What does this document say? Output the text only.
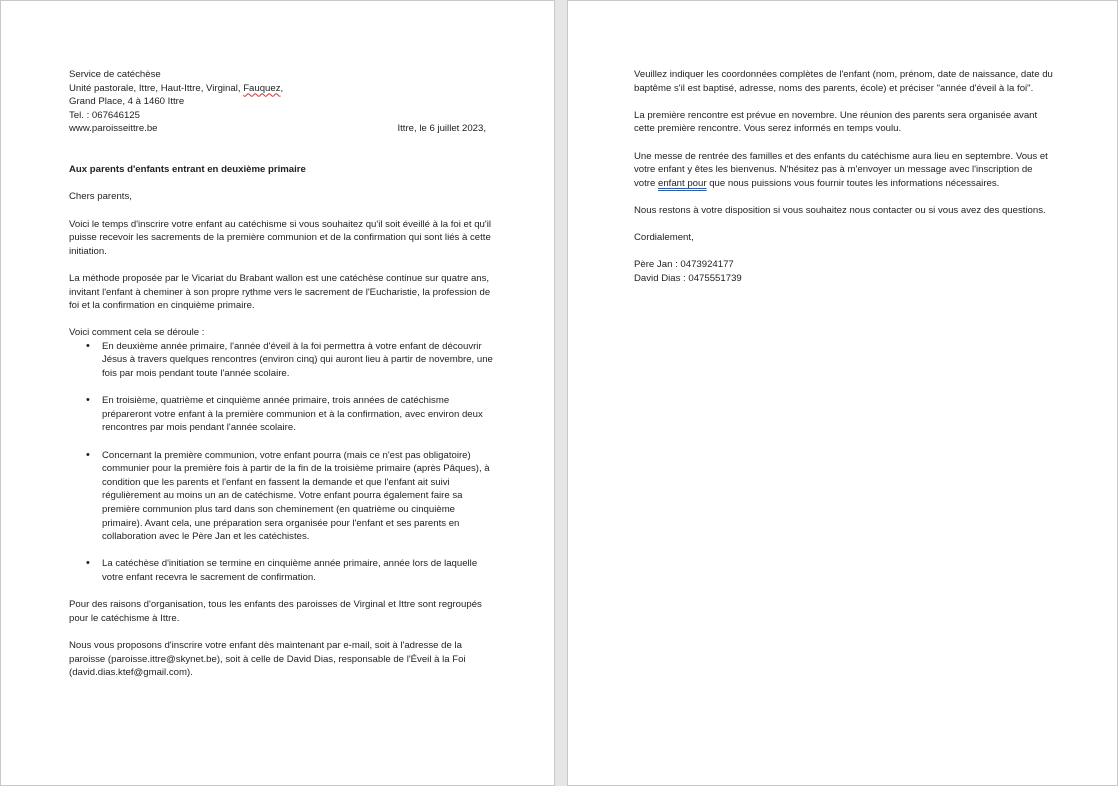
Service de catéchèse

Unité pastorale, Ittre, Haut-Ittre, Virginal, Fauquez,

Grand Place, 4 à 1460 Ittre

Tel. : 067646125

www.paroisseittre.be	Ittre, le 6 juillet 2023,

Aux parents d'enfants entrant en deuxième primaire

Chers parents,

Voici le temps d'inscrire votre enfant au catéchisme si vous souhaitez qu'il soit éveillé à la foi et qu'il puisse recevoir les sacrements de la première communion et de la confirmation qui sont liés à cette initiation.

La méthode proposée par le Vicariat du Brabant wallon est une catéchèse continue sur quatre ans, invitant l'enfant à cheminer à son propre rythme vers le sacrement de l'Eucharistie, la profession de foi et la confirmation en cinquième primaire.

Voici comment cela se déroule :

• En deuxième année primaire, l'année d'éveil à la foi permettra à votre enfant de découvrir Jésus à travers quelques rencontres (environ cinq) qui auront lieu à partir de novembre, une fois par mois pendant toute l'année scolaire.
• En troisième, quatrième et cinquième année primaire, trois années de catéchisme prépareront votre enfant à la première communion et à la confirmation, avec environ deux rencontres par mois pendant l'année scolaire.
• Concernant la première communion, votre enfant pourra (mais ce n'est pas obligatoire) communier pour la première fois à partir de la fin de la troisième primaire (après Pâques), à condition que les parents et l'enfant en fassent la demande et que l'enfant ait suivi régulièrement au moins un an de catéchisme. Votre enfant pourra également faire sa première communion plus tard dans son cheminement (en quatrième ou cinquième primaire). Avant cela, une préparation sera organisée pour l'enfant et ses parents en collaboration avec le Père Jan et les catéchistes.
• La catéchèse d'initiation se termine en cinquième année primaire, année lors de laquelle votre enfant recevra le sacrement de confirmation.

Pour des raisons d'organisation, tous les enfants des paroisses de Virginal et Ittre sont regroupés pour le catéchisme à Ittre.

Nous vous proposons d'inscrire votre enfant dès maintenant par e-mail, soit à l'adresse de la paroisse (paroisse.ittre@skynet.be), soit à celle de David Dias, responsable de l'Éveil à la Foi (david.dias.ktef@gmail.com).

Veuillez indiquer les coordonnées complètes de l'enfant (nom, prénom, date de naissance, date du baptême s'il est baptisé, adresse, noms des parents, école) et préciser "année d'éveil à la foi".

La première rencontre est prévue en novembre. Une réunion des parents sera organisée avant cette première rencontre. Vous serez informés en temps voulu.

Une messe de rentrée des familles et des enfants du catéchisme aura lieu en septembre. Vous et votre enfant y êtes les bienvenus. N'hésitez pas à m'envoyer un message avec l'inscription de votre enfant pour que nous puissions vous fournir toutes les informations nécessaires.

Nous restons à votre disposition si vous souhaitez nous contacter ou si vous avez des questions.

Cordialement,

Père Jan : 0473924177

David Dias : 0475551739
